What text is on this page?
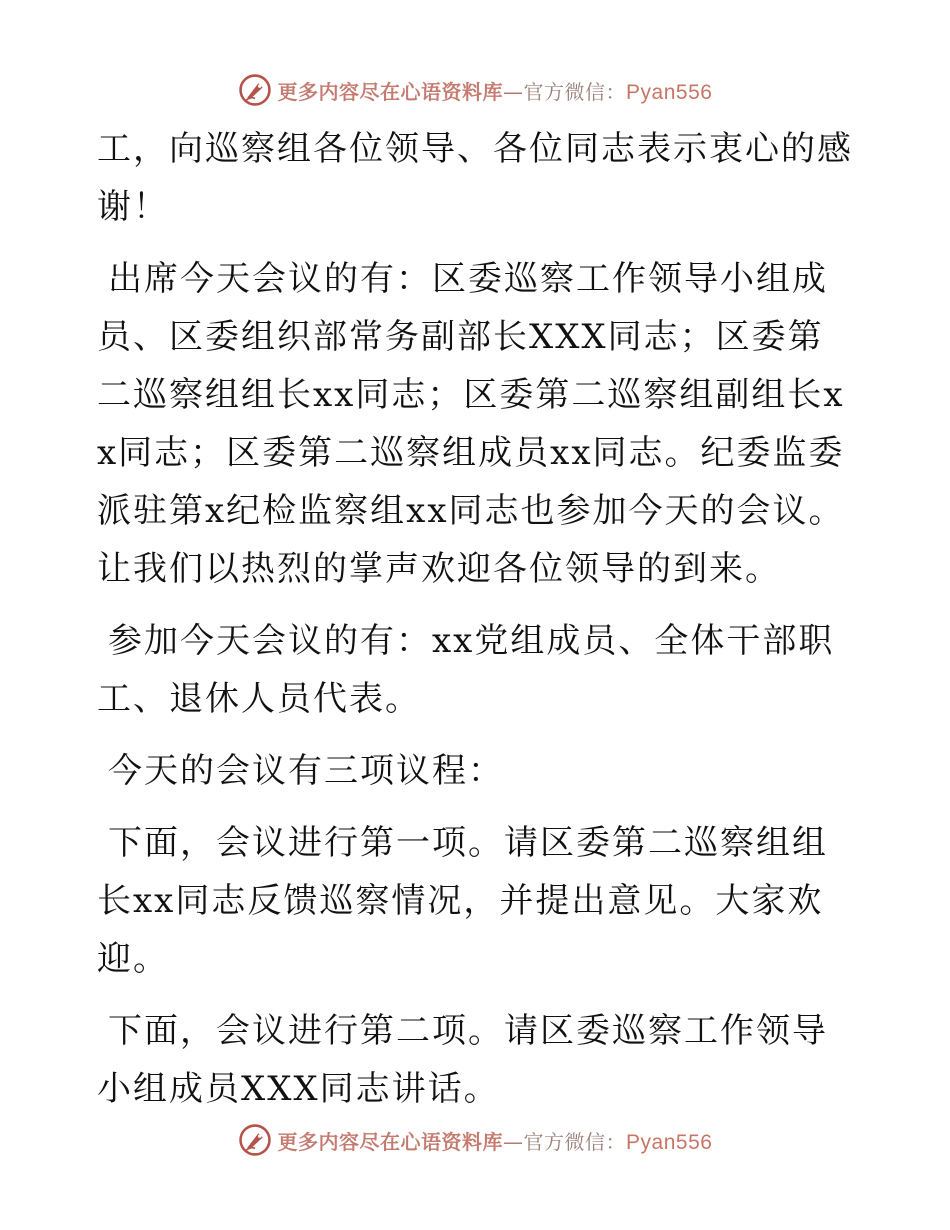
更多内容尽在心语资料库—官方微信：Pyan556

工，向巡察组各位领导、各位同志表示衷心的感谢！

出席今天会议的有：区委巡察工作领导小组成员、区委组织部常务副部长XXX同志；区委第二巡察组组长xx同志；区委第二巡察组副组长xx同志；区委第二巡察组成员xx同志。纪委监委派驻第x纪检监察组xx同志也参加今天的会议。让我们以热烈的掌声欢迎各位领导的到来。

参加今天会议的有：xx党组成员、全体干部职工、退休人员代表。

今天的会议有三项议程：

下面，会议进行第一项。请区委第二巡察组组长xx同志反馈巡察情况，并提出意见。大家欢迎。

下面，会议进行第二项。请区委巡察工作领导小组成员XXX同志讲话。

更多内容尽在心语资料库—官方微信：Pyan556
